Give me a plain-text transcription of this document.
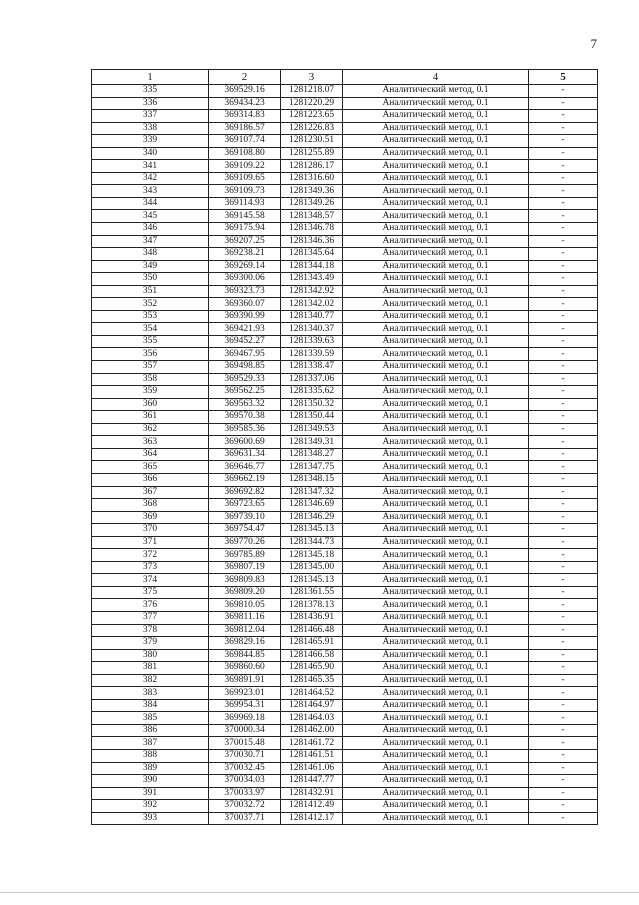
7
1	2	3	4	5
335	369529.16	1281218.07	Аналитический метод, 0.1	-
336	369434.23	1281220.29	Аналитический метод, 0.1	-
337	369314.83	1281223.65	Аналитический метод, 0.1	-
338	369186.57	1281226.83	Аналитический метод, 0.1	-
339	369107.74	1281230.51	Аналитический метод, 0.1	-
340	369108.80	1281255.89	Аналитический метод, 0.1	-
341	369109.22	1281286.17	Аналитический метод, 0.1	-
342	369109.65	1281316.60	Аналитический метод, 0.1	-
343	369109.73	1281349.36	Аналитический метод, 0.1	-
344	369114.93	1281349.26	Аналитический метод, 0.1	-
345	369145.58	1281348.57	Аналитический метод, 0.1	-
346	369175.94	1281346.78	Аналитический метод, 0.1	-
347	369207.25	1281346.36	Аналитический метод, 0.1	-
348	369238.21	1281345.64	Аналитический метод, 0.1	-
349	369269.14	1281344.18	Аналитический метод, 0.1	-
350	369300.06	1281343.49	Аналитический метод, 0.1	-
351	369323.73	1281342.92	Аналитический метод, 0.1	-
352	369360.07	1281342.02	Аналитический метод, 0.1	-
353	369390.99	1281340.77	Аналитический метод, 0.1	-
354	369421.93	1281340.37	Аналитический метод, 0.1	-
355	369452.27	1281339.63	Аналитический метод, 0.1	-
356	369467.95	1281339.59	Аналитический метод, 0.1	-
357	369498.85	1281338.47	Аналитический метод, 0.1	-
358	369529.33	1281337.06	Аналитический метод, 0.1	-
359	369562.25	1281335.62	Аналитический метод, 0.1	-
360	369563.32	1281350.32	Аналитический метод, 0.1	-
361	369570.38	1281350.44	Аналитический метод, 0.1	-
362	369585.36	1281349.53	Аналитический метод, 0.1	-
363	369600.69	1281349.31	Аналитический метод, 0.1	-
364	369631.34	1281348.27	Аналитический метод, 0.1	-
365	369646.77	1281347.75	Аналитический метод, 0.1	-
366	369662.19	1281348.15	Аналитический метод, 0.1	-
367	369692.82	1281347.32	Аналитический метод, 0.1	-
368	369723.65	1281346.69	Аналитический метод, 0.1	-
369	369739.10	1281346.29	Аналитический метод, 0.1	-
370	369754.47	1281345.13	Аналитический метод, 0.1	-
371	369770.26	1281344.73	Аналитический метод, 0.1	-
372	369785.89	1281345.18	Аналитический метод, 0.1	-
373	369807.19	1281345.00	Аналитический метод, 0.1	-
374	369809.83	1281345.13	Аналитический метод, 0.1	-
375	369809.20	1281361.55	Аналитический метод, 0.1	-
376	369810.05	1281378.13	Аналитический метод, 0.1	-
377	369811.16	1281436.91	Аналитический метод, 0.1	-
378	369812.04	1281466.48	Аналитический метод, 0.1	-
379	369829.16	1281465.91	Аналитический метод, 0.1	-
380	369844.85	1281466.58	Аналитический метод, 0.1	-
381	369860.60	1281465.90	Аналитический метод, 0.1	-
382	369891.91	1281465.35	Аналитический метод, 0.1	-
383	369923.01	1281464.52	Аналитический метод, 0.1	-
384	369954.31	1281464.97	Аналитический метод, 0.1	-
385	369969.18	1281464.03	Аналитический метод, 0.1	-
386	370000.34	1281462.00	Аналитический метод, 0.1	-
387	370015.48	1281461.72	Аналитический метод, 0.1	-
388	370030.71	1281461.51	Аналитический метод, 0.1	-
389	370032.45	1281461.06	Аналитический метод, 0.1	-
390	370034.03	1281447.77	Аналитический метод, 0.1	-
391	370033.97	1281432.91	Аналитический метод, 0.1	-
392	370032.72	1281412.49	Аналитический метод, 0.1	-
393	370037.71	1281412.17	Аналитический метод, 0.1	-
